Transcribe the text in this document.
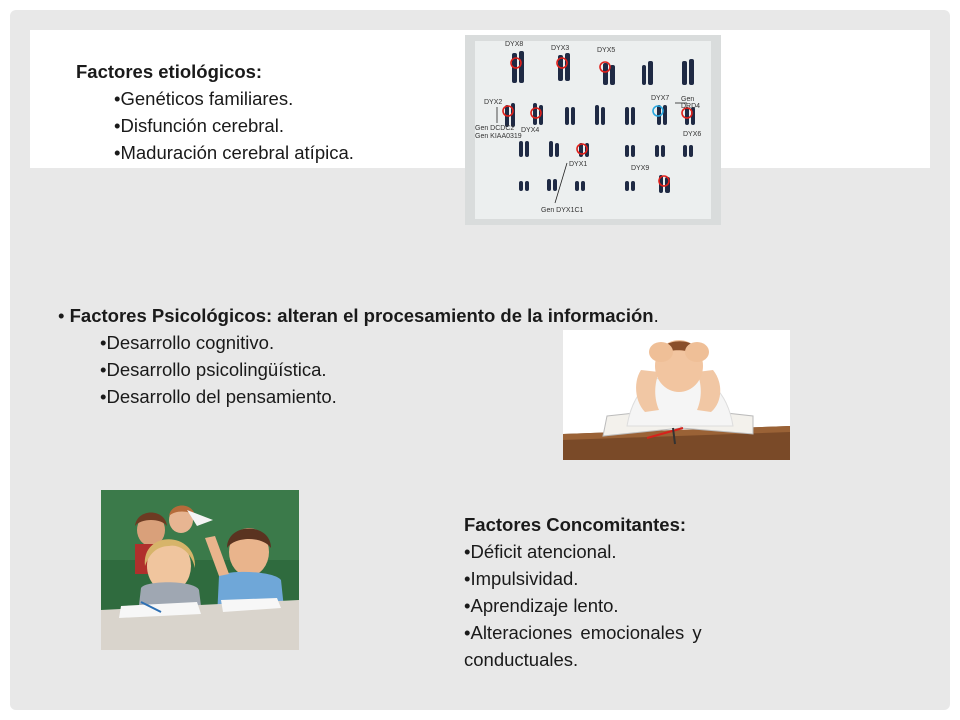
Factores etiológicos:
•Genéticos familiares.
•Disfunción cerebral.
•Maduración cerebral atípica.
DYX8
DYX3	DYX5
DYX2
DYX7 Gen DRD4
Gen DCDC2
Gen KIAA0319
DYX4
DYX6
DYX1
DYX9
Gen DYX1C1
• Factores Psicológicos: alteran el procesamiento de la información.
•Desarrollo cognitivo.
•Desarrollo psicolingüística.
•Desarrollo del pensamiento.
Factores Concomitantes:
•Déficit atencional.
•Impulsividad.
•Aprendizaje lento.
•Alteraciones emocionales y
conductuales.
